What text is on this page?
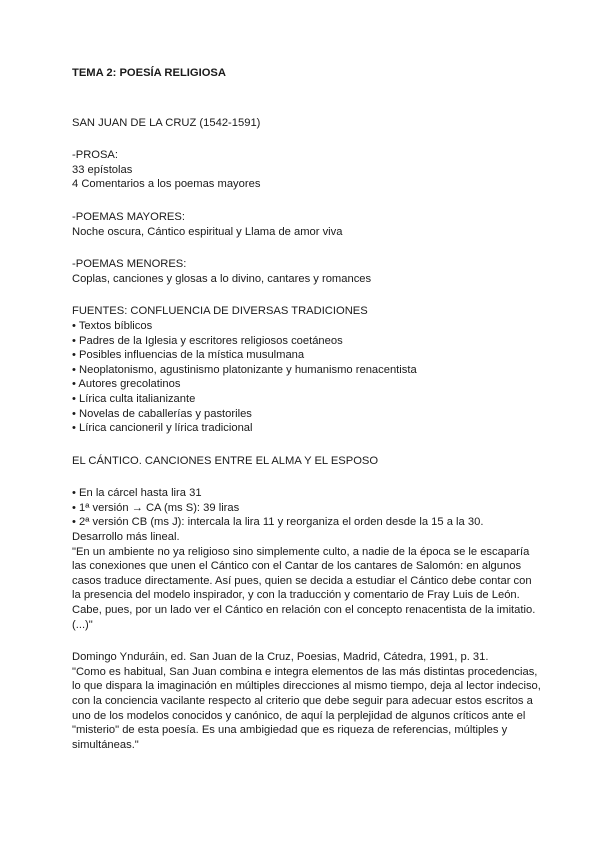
TEMA 2: POESÍA RELIGIOSA

SAN JUAN DE LA CRUZ (1542-1591)

-PROSA:

33 epístolas

4 Comentarios a los poemas mayores

-POEMAS MAYORES:

Noche oscura, Cántico espiritual y Llama de amor viva

-POEMAS MENORES:

Coplas, canciones y glosas a lo divino, cantares y romances

FUENTES: CONFLUENCIA DE DIVERSAS TRADICIONES

• Textos bíblicos
• Padres de la Iglesia y escritores religiosos coetáneos
• Posibles influencias de la mística musulmana
• Neoplatonismo, agustinismo platonizante y humanismo renacentista
• Autores grecolatinos
• Lírica culta italianizante
• Novelas de caballerías y pastoriles
• Lírica cancioneril y lírica tradicional

EL CÁNTICO. CANCIONES ENTRE EL ALMA Y EL ESPOSO

• En la cárcel hasta lira 31
• 1ª versión → CA (ms S): 39 liras
• 2ª versión CB (ms J): intercala la lira 11 y reorganiza el orden desde la 15 a la 30.

Desarrollo más lineal.

"En un ambiente no ya religioso sino simplemente culto, a nadie de la época se le escaparía las conexiones que unen el Cántico con el Cantar de los cantares de Salomón: en algunos casos traduce directamente. Así pues, quien se decida a estudiar el Cántico debe contar con la presencia del modelo inspirador, y con la traducción y comentario de Fray Luis de León. Cabe, pues, por un lado ver el Cántico en relación con el concepto renacentista de la imitatio. (...)"

Domingo Ynduráin, ed. San Juan de la Cruz, Poesias, Madrid, Cátedra, 1991, p. 31.

"Como es habitual, San Juan combina e integra elementos de las más distintas procedencias, lo que dispara la imaginación en múltiples direcciones al mismo tiempo, deja al lector indeciso, con la conciencia vacilante respecto al criterio que debe seguir para adecuar estos escritos a uno de los modelos conocidos y canónico, de aquí la perplejidad de algunos críticos ante el "misterio" de esta poesía. Es una ambigiedad que es riqueza de referencias, múltiples y simultáneas."
